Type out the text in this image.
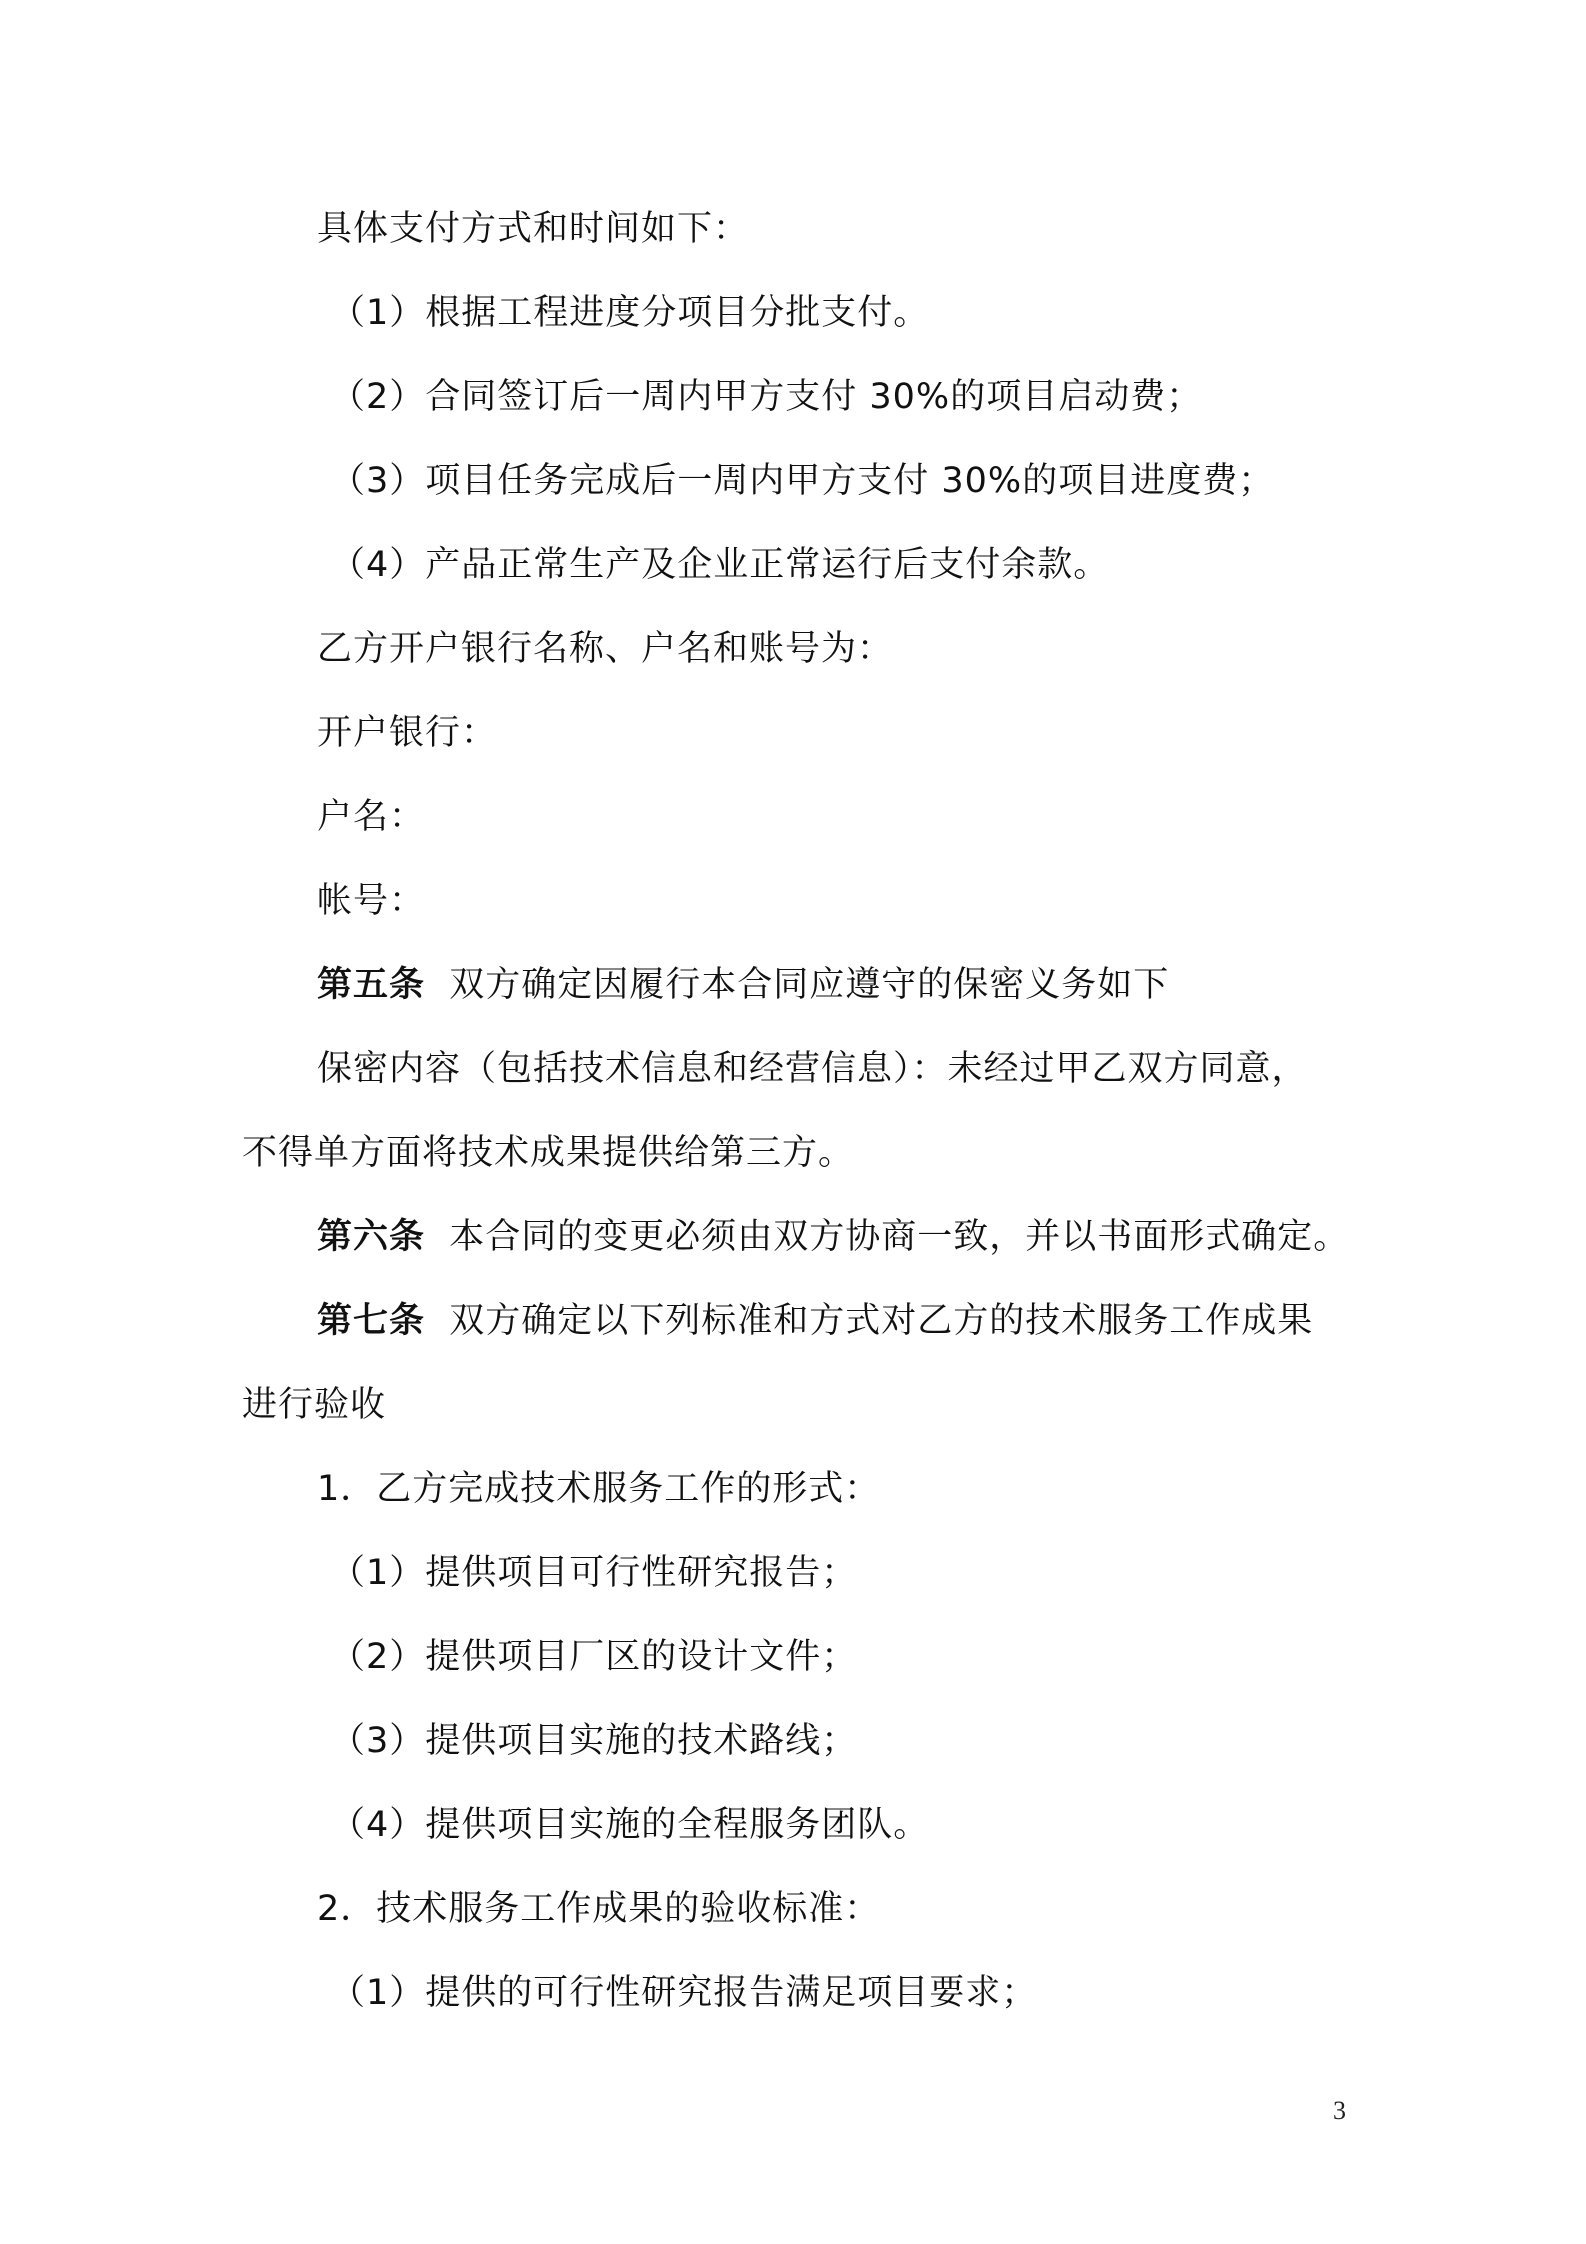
具体支付方式和时间如下：
（1）根据工程进度分项目分批支付。
（2）合同签订后一周内甲方支付 30%的项目启动费；
（3）项目任务完成后一周内甲方支付 30%的项目进度费；
（4）产品正常生产及企业正常运行后支付余款。
乙方开户银行名称、户名和账号为：
开户银行：
户名：
帐号：
第五条 双方确定因履行本合同应遵守的保密义务如下
保密内容（包括技术信息和经营信息）：未经过甲乙双方同意，
不得单方面将技术成果提供给第三方。
第六条 本合同的变更必须由双方协商一致，并以书面形式确定。
第七条 双方确定以下列标准和方式对乙方的技术服务工作成果
进行验收
1．乙方完成技术服务工作的形式：
（1）提供项目可行性研究报告；
（2）提供项目厂区的设计文件；
（3）提供项目实施的技术路线；
（4）提供项目实施的全程服务团队。
2．技术服务工作成果的验收标准：
（1）提供的可行性研究报告满足项目要求；
3
